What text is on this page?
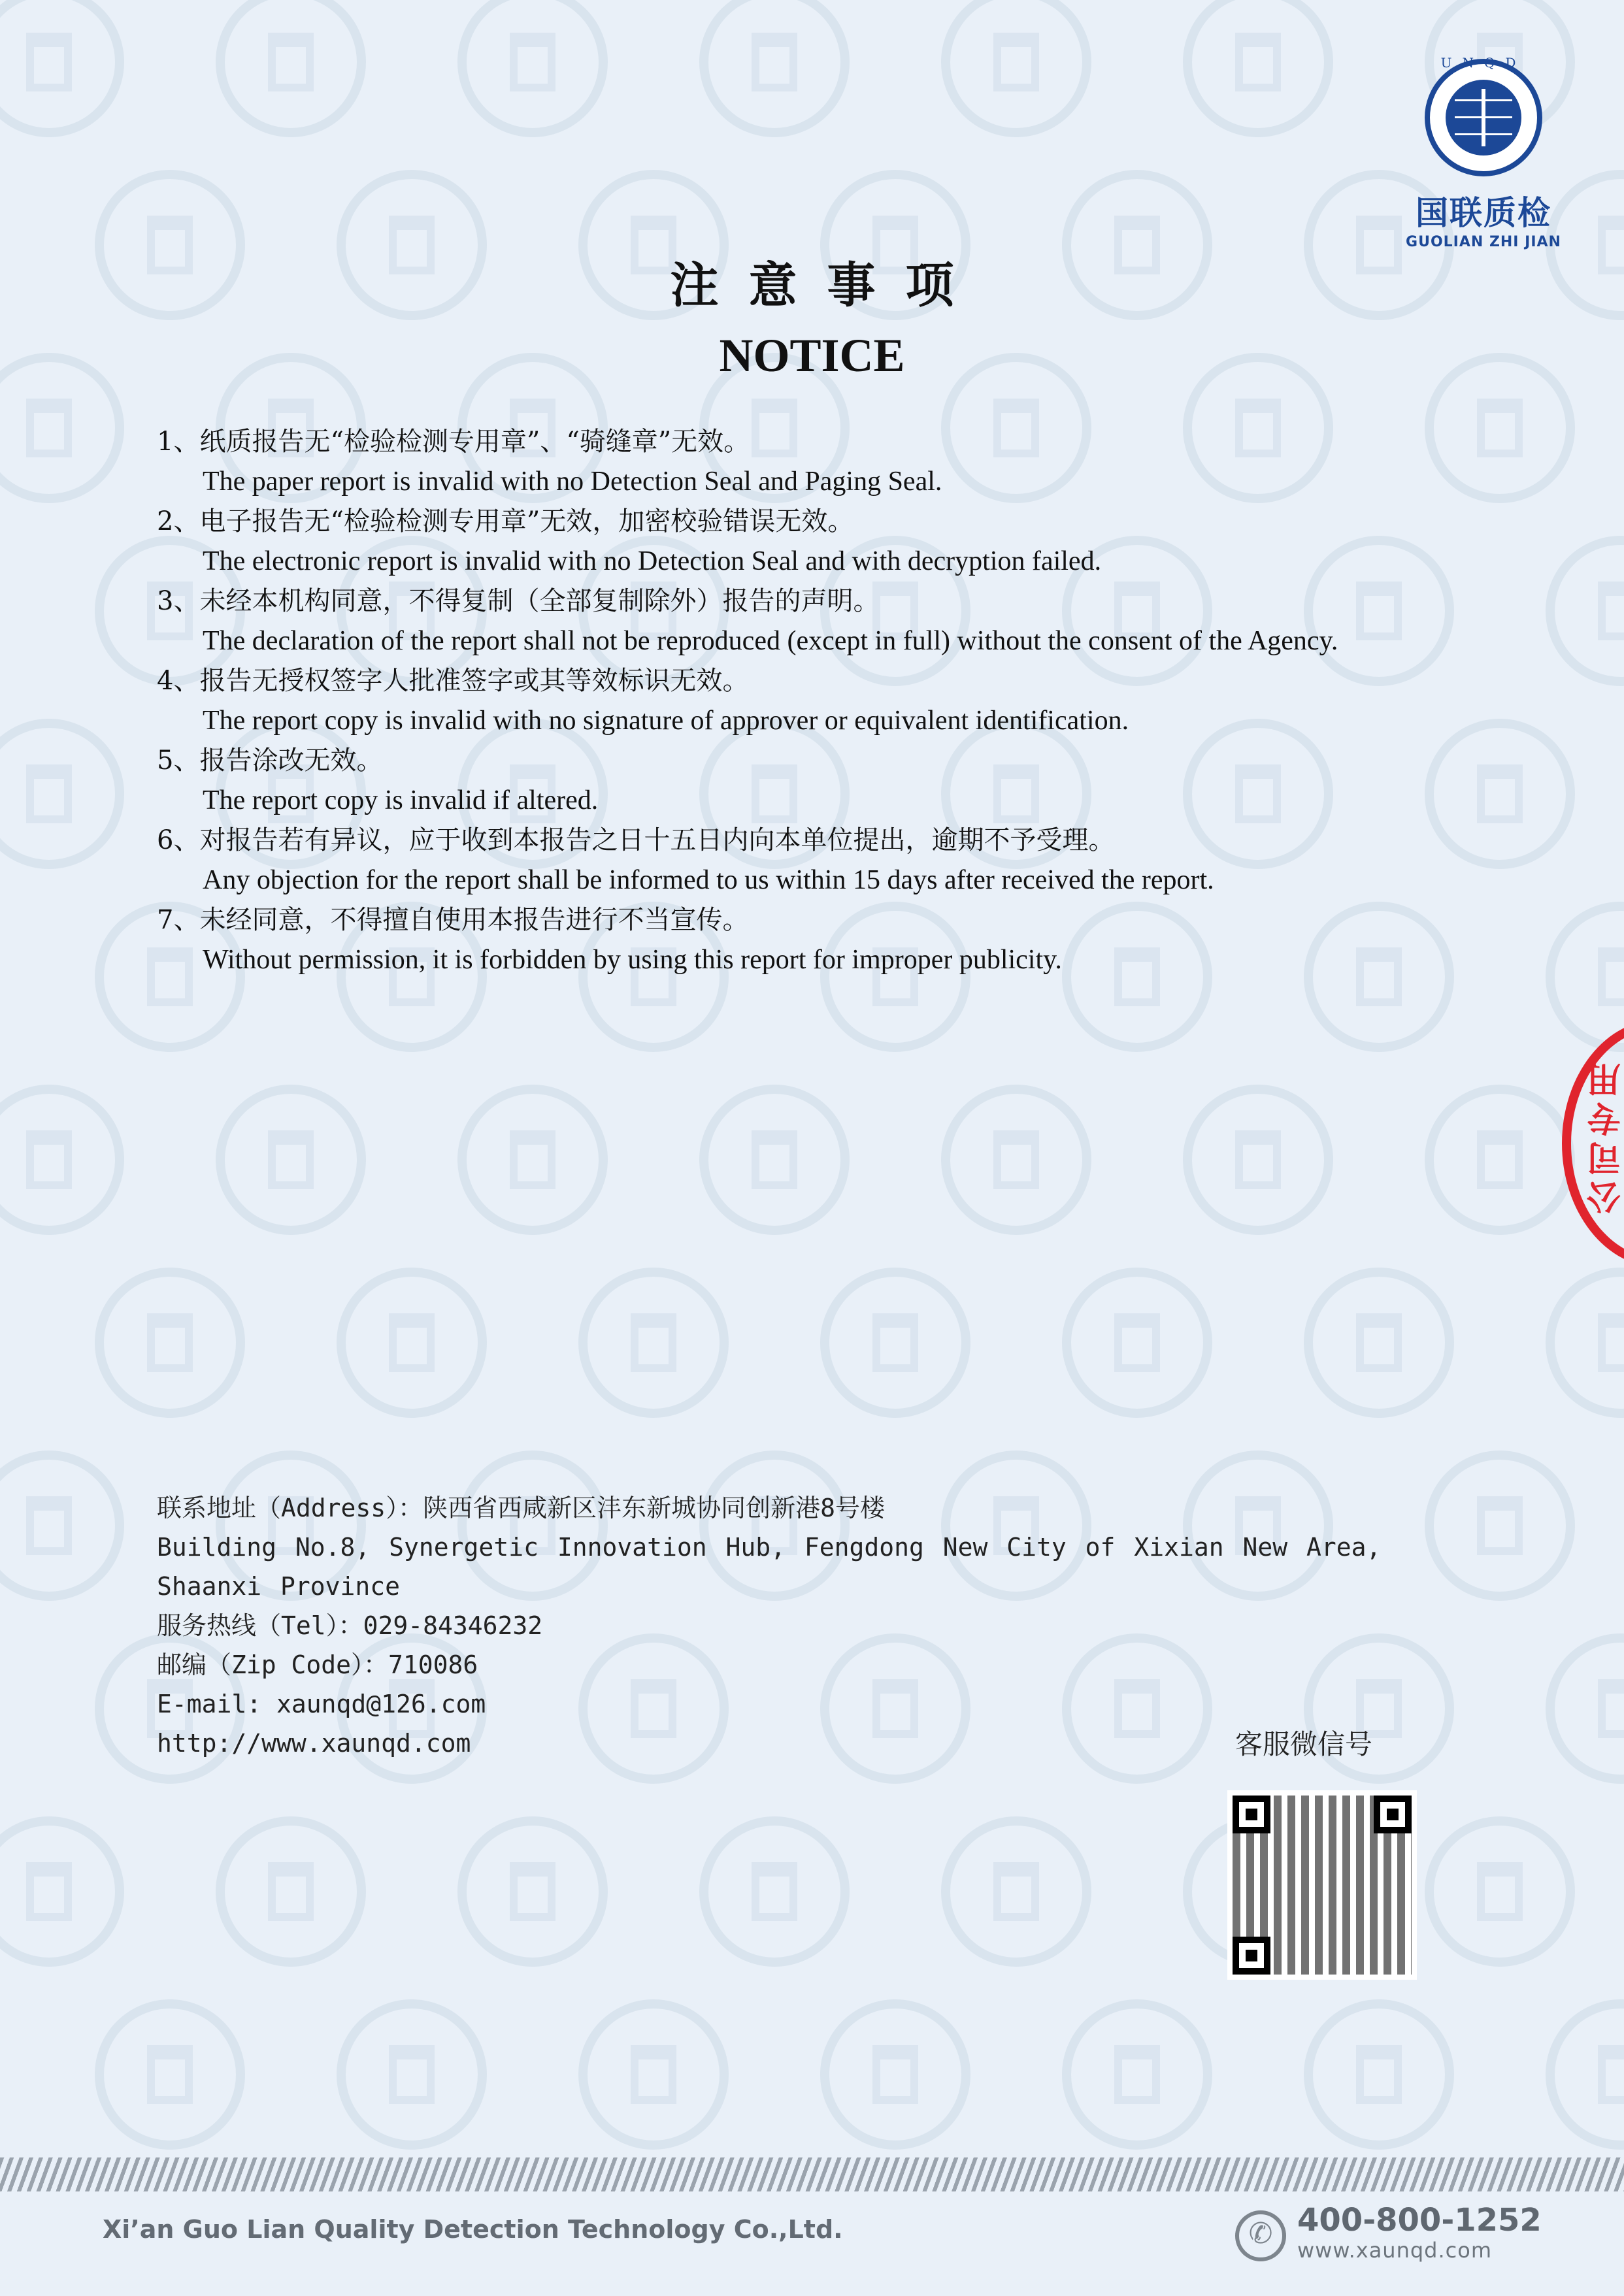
UNQD
国联质检
GUOLIAN ZHI JIAN
注意事项
NOTICE
1、纸质报告无“检验检测专用章”、“骑缝章”无效。
The paper report is invalid with no Detection Seal and Paging Seal.
2、电子报告无“检验检测专用章”无效，加密校验错误无效。
The electronic report is invalid with no Detection Seal and with decryption failed.
3、未经本机构同意，不得复制（全部复制除外）报告的声明。
The declaration of the report shall not be reproduced (except in full) without the consent of the Agency.
4、报告无授权签字人批准签字或其等效标识无效。
The report copy is invalid with no signature of approver or equivalent identification.
5、报告涂改无效。
The report copy is invalid if altered.
6、对报告若有异议，应于收到本报告之日十五日内向本单位提出，逾期不予受理。
Any objection for the report shall be informed to us within 15 days after received the report.
7、未经同意，不得擅自使用本报告进行不当宣传。
Without permission, it is forbidden by using this report for improper publicity.
公司专用
联系地址（Address）：陕西省西咸新区沣东新城协同创新港8号楼
Building No.8, Synergetic Innovation Hub, Fengdong New City of Xixian New Area, Shaanxi Province
服务热线（Tel）：029-84346232
邮编（Zip Code）：710086
E-mail: xaunqd@126.com
http://www.xaunqd.com	客服微信号
Xi’an Guo Lian Quality Detection Technology Co.,Ltd.
✆	400-800-1252
www.xaunqd.com
